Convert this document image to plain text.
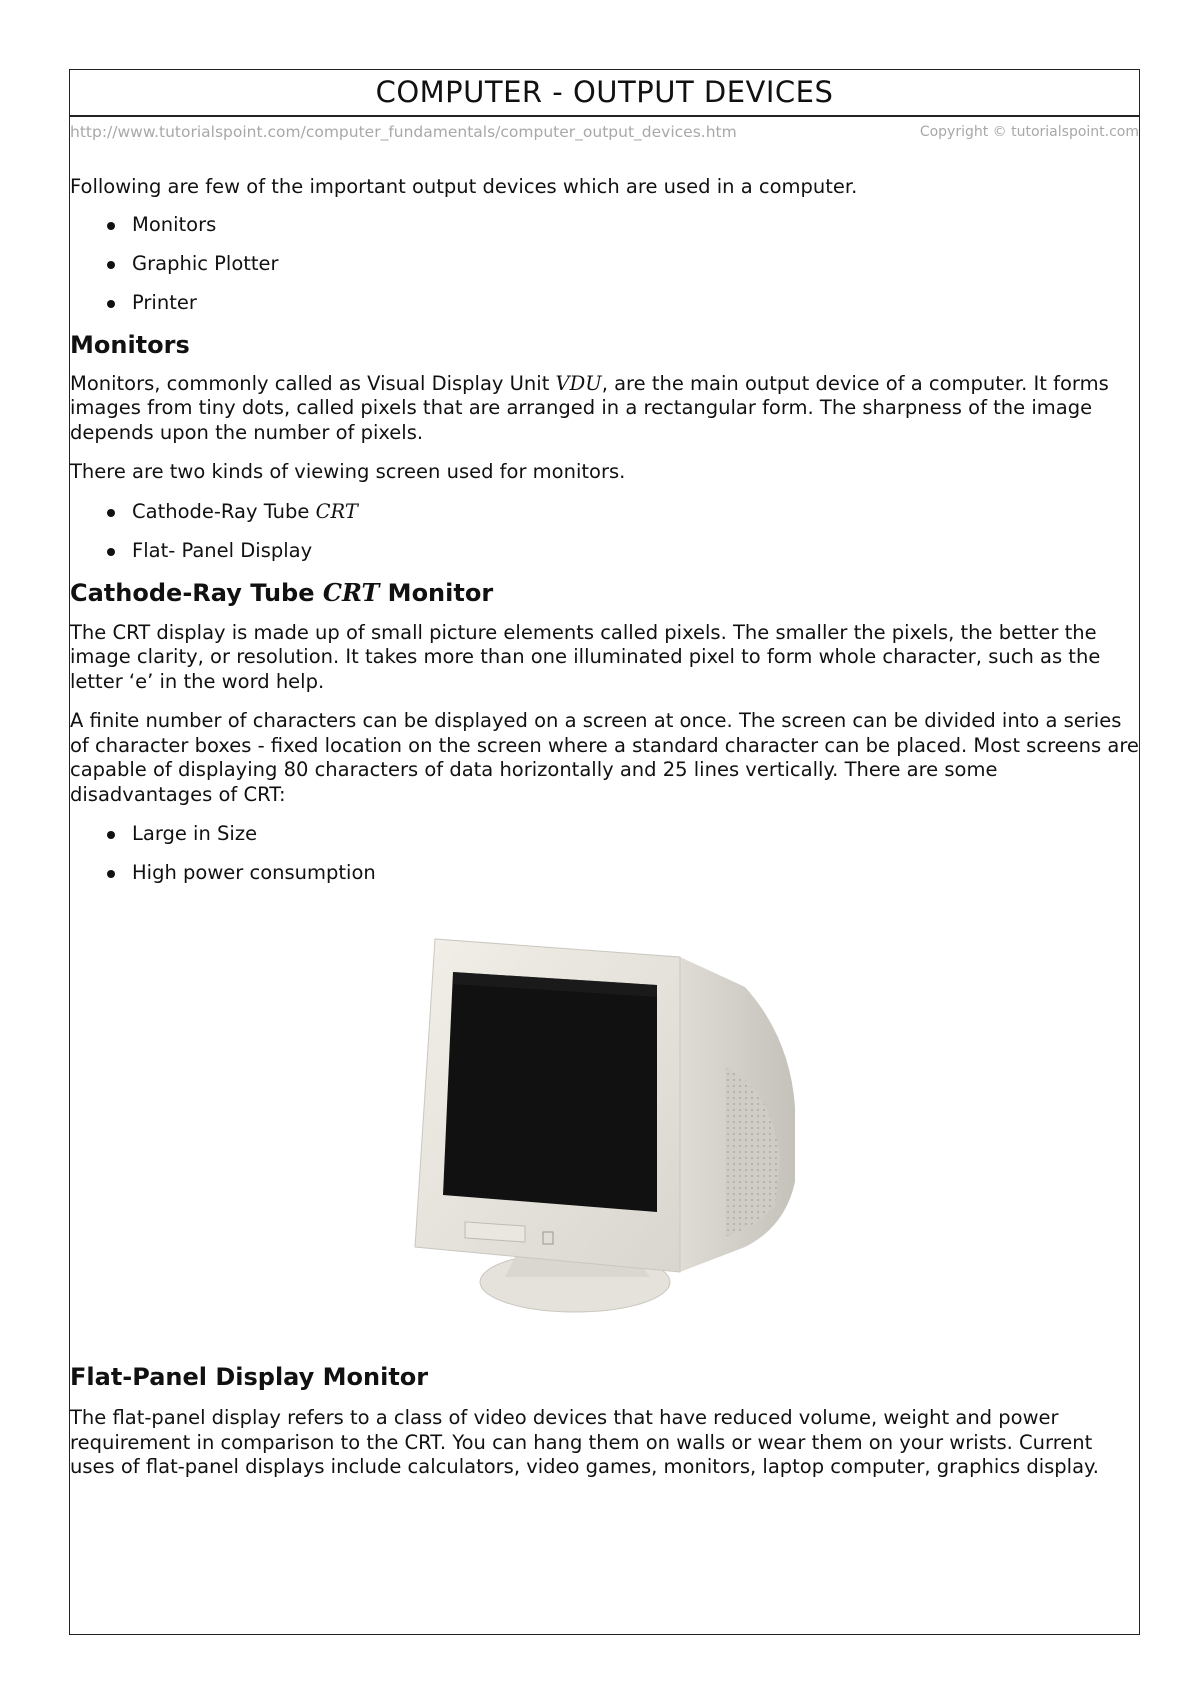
COMPUTER - OUTPUT DEVICES
http://www.tutorialspoint.com/computer_fundamentals/computer_output_devices.htm	Copyright © tutorialspoint.com

Following are few of the important output devices which are used in a computer.

Monitors
Graphic Plotter
Printer
Monitors

Monitors, commonly called as Visual Display Unit VDU, are the main output device of a computer. It forms images from tiny dots, called pixels that are arranged in a rectangular form. The sharpness of the image depends upon the number of pixels.

There are two kinds of viewing screen used for monitors.

Cathode-Ray Tube CRT
Flat- Panel Display
Cathode-Ray Tube CRT Monitor

The CRT display is made up of small picture elements called pixels. The smaller the pixels, the better the image clarity, or resolution. It takes more than one illuminated pixel to form whole character, such as the letter ‘e’ in the word help.

A finite number of characters can be displayed on a screen at once. The screen can be divided into a series of character boxes - fixed location on the screen where a standard character can be placed. Most screens are capable of displaying 80 characters of data horizontally and 25 lines vertically. There are some disadvantages of CRT:

Large in Size
High power consumption
Flat-Panel Display Monitor

The flat-panel display refers to a class of video devices that have reduced volume, weight and power requirement in comparison to the CRT. You can hang them on walls or wear them on your wrists. Current uses of flat-panel displays include calculators, video games, monitors, laptop computer, graphics display.
